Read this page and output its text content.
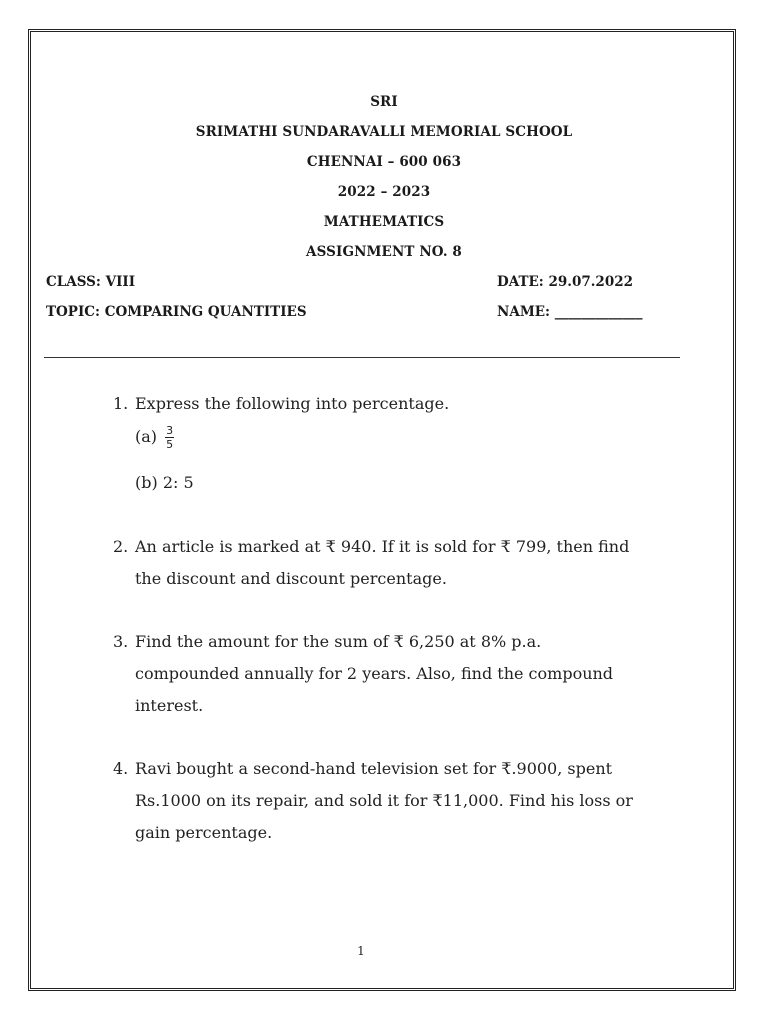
SRI
SRIMATHI SUNDARAVALLI MEMORIAL SCHOOL
CHENNAI – 600 063
2022 – 2023
MATHEMATICS
ASSIGNMENT NO. 8
CLASS: VIII	DATE: 29.07.2022
TOPIC: COMPARING QUANTITIES	NAME: _____________
1. Express the following into percentage.
$(a) \frac{3}{5}$
(b) 2: 5
2. An article is marked at ₹ 940. If it is sold for ₹ 799, then find
the discount and discount percentage.
3. Find the amount for the sum of ₹ 6,250 at 8% p.a.
compounded annually for 2 years. Also, find the compound
interest.
4. Ravi bought a second-hand television set for ₹.9000, spent
Rs.1000 on its repair, and sold it for ₹11,000. Find his loss or
gain percentage.
1
